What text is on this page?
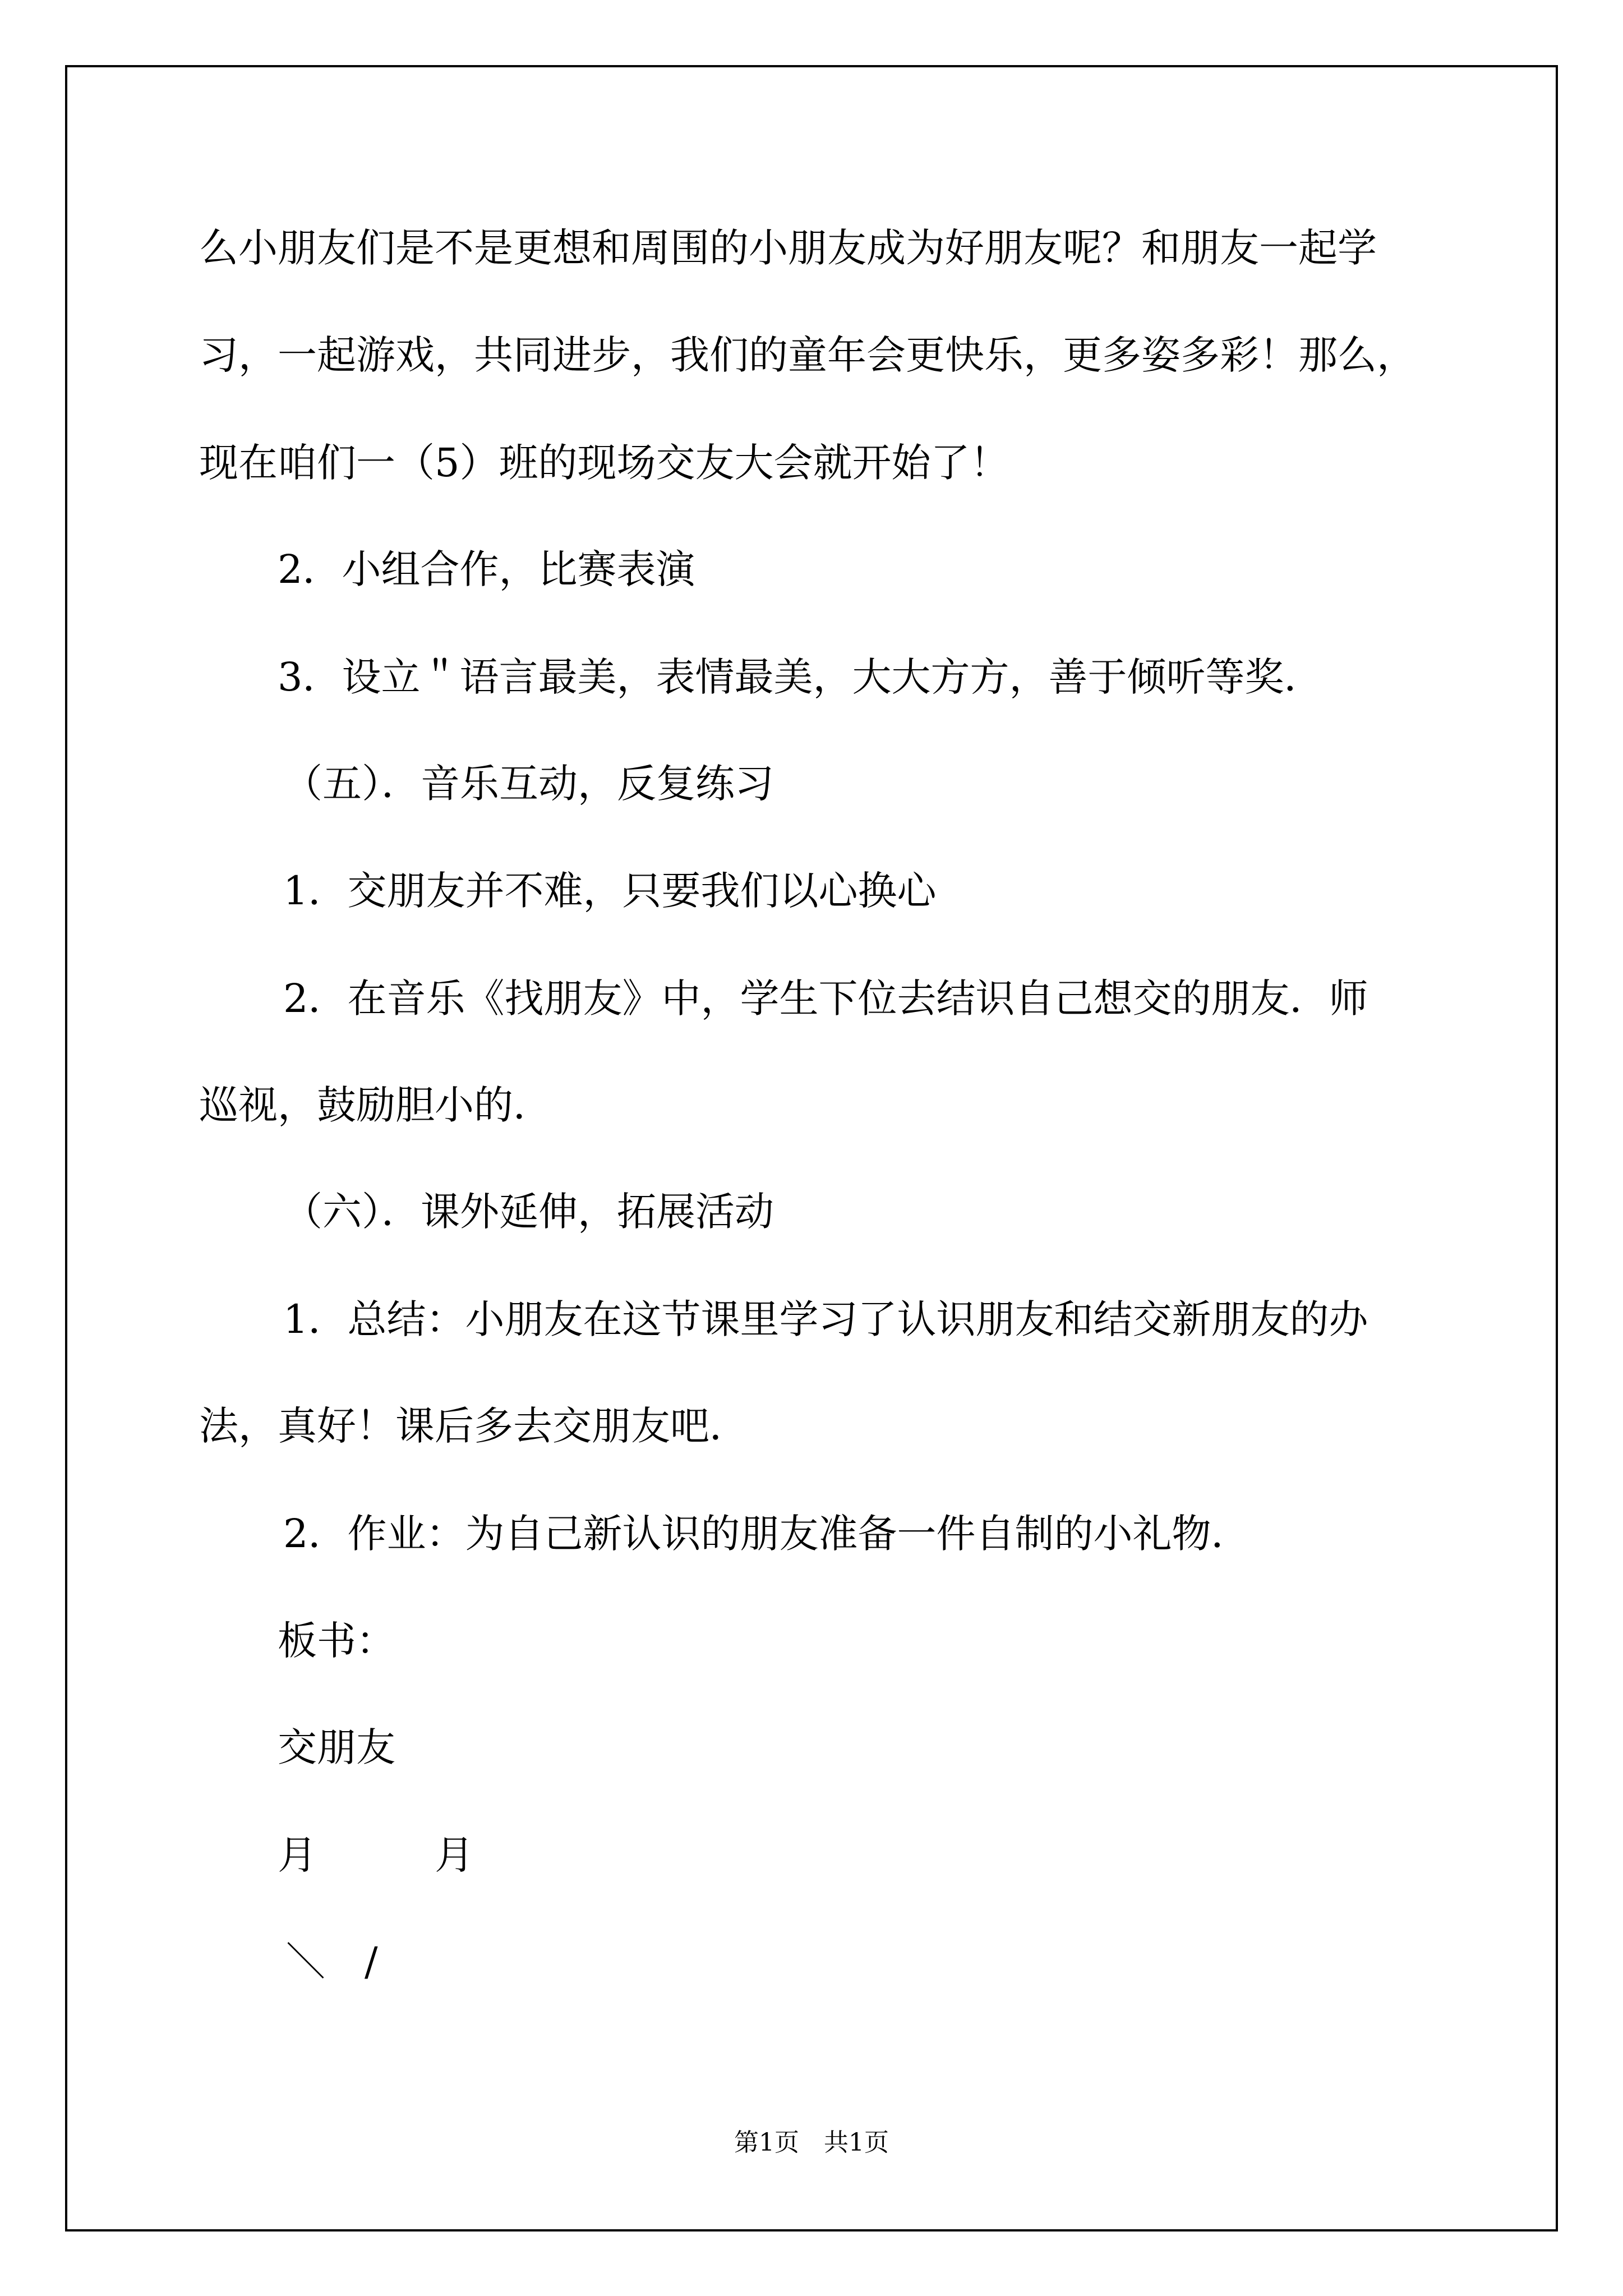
么小朋友们是不是更想和周围的小朋友成为好朋友呢？和朋友一起学
习，一起游戏，共同进步，我们的童年会更快乐，更多姿多彩！那么，
现在咱们一（5）班的现场交友大会就开始了！
2．小组合作，比赛表演
3．设立＂语言最美，表情最美，大大方方，善于倾听等奖．
（五）．音乐互动，反复练习
1．交朋友并不难，只要我们以心换心
2．在音乐《找朋友》中，学生下位去结识自己想交的朋友．师
巡视，鼓励胆小的．
（六）．课外延伸，拓展活动
1．总结：小朋友在这节课里学习了认识朋友和结交新朋友的办
法，真好！课后多去交朋友吧．
2．作业：为自己新认识的朋友准备一件自制的小礼物．
板书：
交朋友
月　　　月
＼　/
第1页　共1页
